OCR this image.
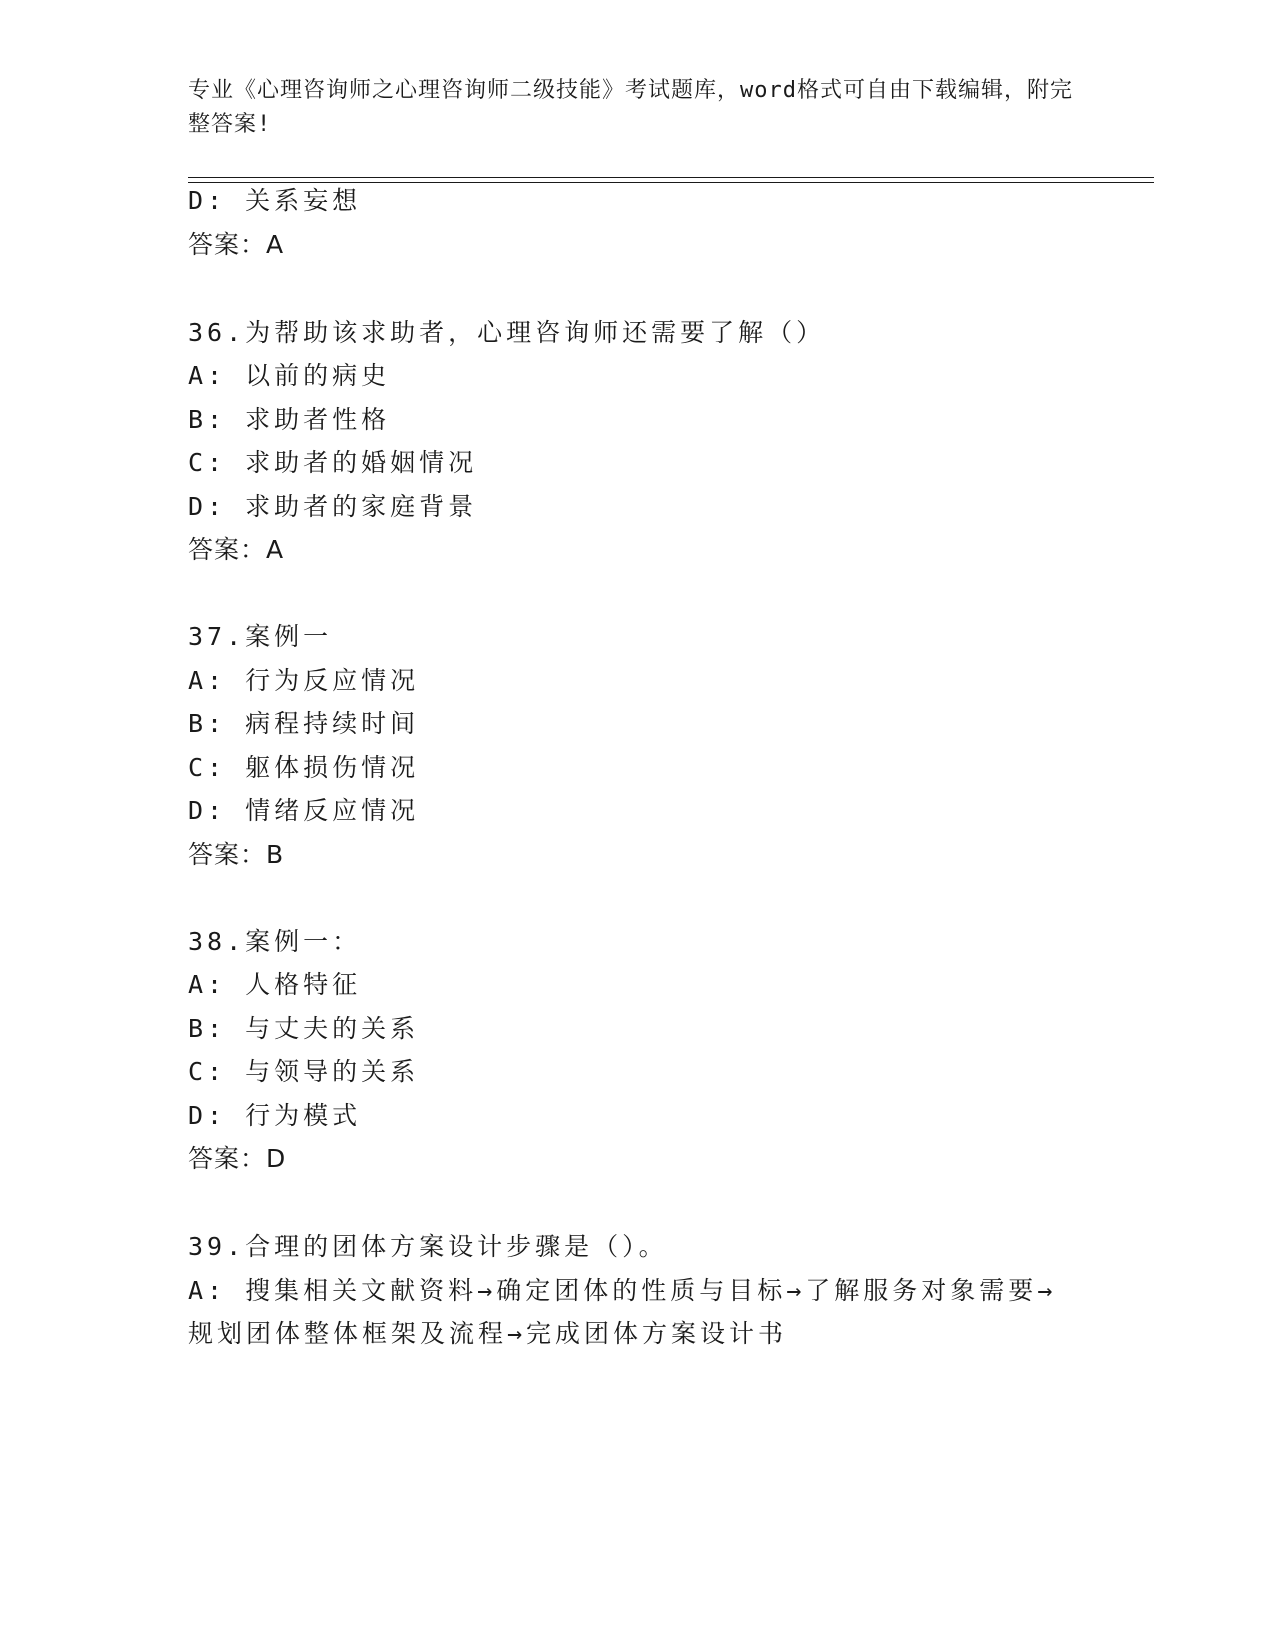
专业《心理咨询师之心理咨询师二级技能》考试题库，word格式可自由下载编辑，附完整答案!
D: 关系妄想
答案：A
36.为帮助该求助者，心理咨询师还需要了解（）
A: 以前的病史
B: 求助者性格
C: 求助者的婚姻情况
D: 求助者的家庭背景
答案：A
37.案例一
A: 行为反应情况
B: 病程持续时间
C: 躯体损伤情况
D: 情绪反应情况
答案：B
38.案例一：
A: 人格特征
B: 与丈夫的关系
C: 与领导的关系
D: 行为模式
答案：D
39.合理的团体方案设计步骤是（）。
A: 搜集相关文献资料→确定团体的性质与目标→了解服务对象需要→
规划团体整体框架及流程→完成团体方案设计书
